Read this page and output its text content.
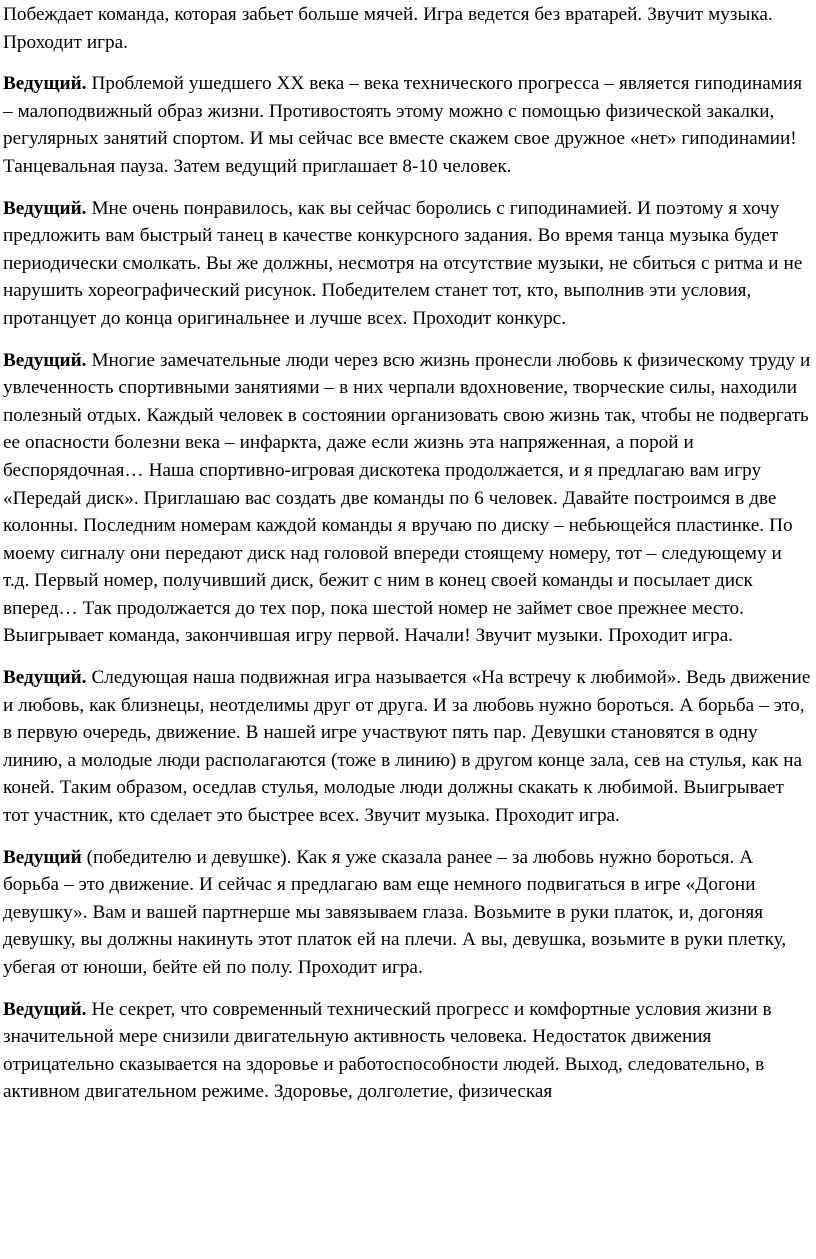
Побеждает команда, которая забьет больше мячей. Игра ведется без вратарей. Звучит музыка. Проходит игра.

Ведущий. Проблемой ушедшего ХХ века – века технического прогресса – является гиподинамия – малоподвижный образ жизни. Противостоять этому можно с помощью физической закалки, регулярных занятий спортом. И мы сейчас все вместе скажем свое дружное «нет» гиподинамии! Танцевальная пауза. Затем ведущий приглашает 8-10 человек.

Ведущий. Мне очень понравилось, как вы сейчас боролись с гиподинамией. И поэтому я хочу предложить вам быстрый танец в качестве конкурсного задания. Во время танца музыка будет периодически смолкать. Вы же должны, несмотря на отсутствие музыки, не сбиться с ритма и не нарушить хореографический рисунок. Победителем станет тот, кто, выполнив эти условия, протанцует до конца оригинальнее и лучше всех. Проходит конкурс.

Ведущий. Многие замечательные люди через всю жизнь пронесли любовь к физическому труду и увлеченность спортивными занятиями – в них черпали вдохновение, творческие силы, находили полезный отдых. Каждый человек в состоянии организовать свою жизнь так, чтобы не подвергать ее опасности болезни века – инфаркта, даже если жизнь эта напряженная, а порой и беспорядочная… Наша спортивно-игровая дискотека продолжается, и я предлагаю вам игру «Передай диск». Приглашаю вас создать две команды по 6 человек. Давайте построимся в две колонны. Последним номерам каждой команды я вручаю по диску – небьющейся пластинке. По моему сигналу они передают диск над головой впереди стоящему номеру, тот – следующему и т.д. Первый номер, получивший диск, бежит с ним в конец своей команды и посылает диск вперед… Так продолжается до тех пор, пока шестой номер не займет свое прежнее место. Выигрывает команда, закончившая игру первой. Начали! Звучит музыки. Проходит игра.

Ведущий. Следующая наша подвижная игра называется «На встречу к любимой». Ведь движение и любовь, как близнецы, неотделимы друг от друга. И за любовь нужно бороться. А борьба – это, в первую очередь, движение. В нашей игре участвуют пять пар. Девушки становятся в одну линию, а молодые люди располагаются (тоже в линию) в другом конце зала, сев на стулья, как на коней. Таким образом, оседлав стулья, молодые люди должны скакать к любимой. Выигрывает тот участник, кто сделает это быстрее всех. Звучит музыка. Проходит игра.

Ведущий (победителю и девушке). Как я уже сказала ранее – за любовь нужно бороться. А борьба – это движение. И сейчас я предлагаю вам еще немного подвигаться в игре «Догони девушку». Вам и вашей партнерше мы завязываем глаза. Возьмите в руки платок, и, догоняя девушку, вы должны накинуть этот платок ей на плечи. А вы, девушка, возьмите в руки плетку, убегая от юноши, бейте ей по полу. Проходит игра.

Ведущий. Не секрет, что современный технический прогресс и комфортные условия жизни в значительной мере снизили двигательную активность человека. Недостаток движения отрицательно сказывается на здоровье и работоспособности людей. Выход, следовательно, в активном двигательном режиме. Здоровье, долголетие, физическая
